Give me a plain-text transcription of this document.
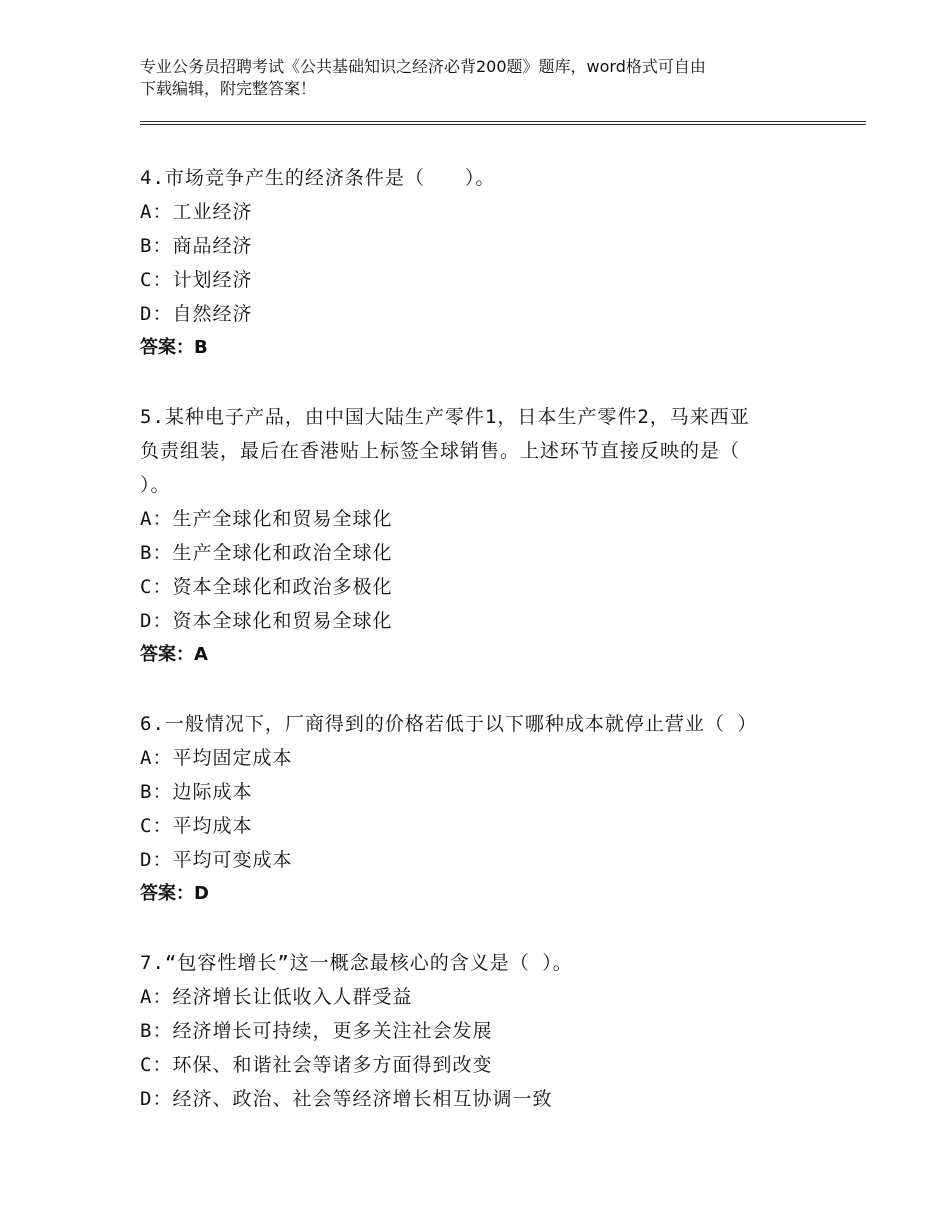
专业公务员招聘考试《公共基础知识之经济必背200题》题库，word格式可自由
下载编辑，附完整答案！
4.市场竞争产生的经济条件是（　　）。
A：工业经济
B：商品经济
C：计划经济
D：自然经济
答案：B
5.某种电子产品，由中国大陆生产零件1，日本生产零件2，马来西亚
负责组装，最后在香港贴上标签全球销售。上述环节直接反映的是（
）。
A：生产全球化和贸易全球化
B：生产全球化和政治全球化
C：资本全球化和政治多极化
D：资本全球化和贸易全球化
答案：A
6.一般情况下，厂商得到的价格若低于以下哪种成本就停止营业（ ）
A：平均固定成本
B：边际成本
C：平均成本
D：平均可变成本
答案：D
7.“包容性增长”这一概念最核心的含义是（ ）。
A：经济增长让低收入人群受益
B：经济增长可持续，更多关注社会发展
C：环保、和谐社会等诸多方面得到改变
D：经济、政治、社会等经济增长相互协调一致
